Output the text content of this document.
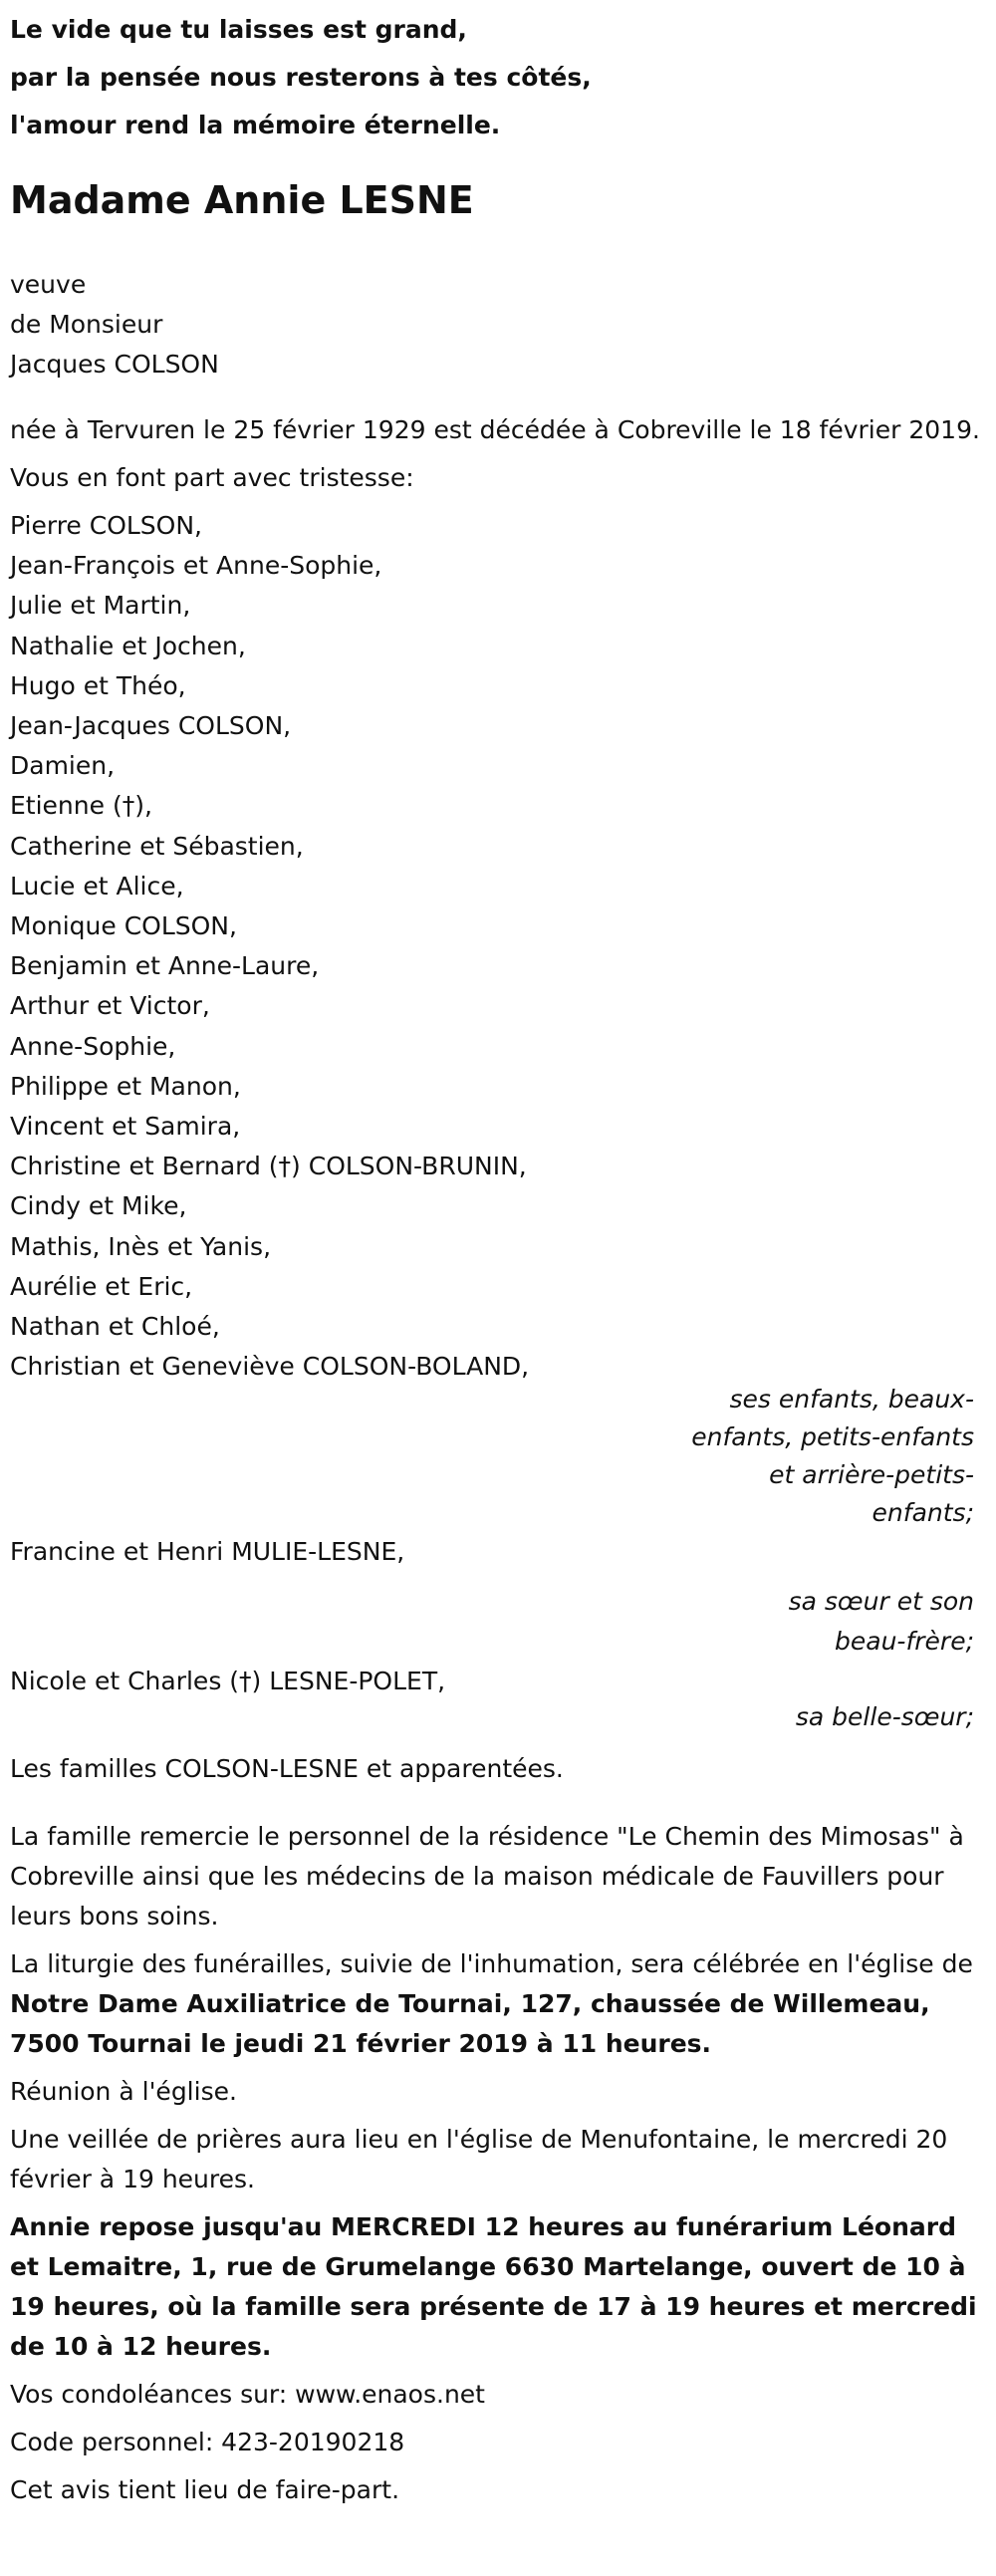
Le vide que tu laisses est grand,

par la pensée nous resterons à tes côtés,

l'amour rend la mémoire éternelle.

Madame Annie LESNE

veuve

de Monsieur

Jacques COLSON

née à Tervuren le 25 février 1929 est décédée à Cobreville le 18 février 2019.

Vous en font part avec tristesse:

Pierre COLSON,

Jean-François et Anne-Sophie,

Julie et Martin,

Nathalie et Jochen,

Hugo et Théo,

Jean-Jacques COLSON,

Damien,

Etienne (†),

Catherine et Sébastien,

Lucie et Alice,

Monique COLSON,

Benjamin et Anne-Laure,

Arthur et Victor,

Anne-Sophie,

Philippe et Manon,

Vincent et Samira,

Christine et Bernard (†) COLSON-BRUNIN,

Cindy et Mike,

Mathis, Inès et Yanis,

Aurélie et Eric,

Nathan et Chloé,

Christian et Geneviève COLSON-BOLAND,

ses enfants, beaux-enfants, petits-enfants et arrière-petits-enfants;

Francine et Henri MULIE-LESNE,

sa sœur et son beau-frère;

Nicole et Charles (†) LESNE-POLET,

sa belle-sœur;

Les familles COLSON-LESNE et apparentées.

La famille remercie le personnel de la résidence "Le Chemin des Mimosas" à Cobreville ainsi que les médecins de la maison médicale de Fauvillers pour leurs bons soins.

La liturgie des funérailles, suivie de l'inhumation, sera célébrée en l'église de Notre Dame Auxiliatrice de Tournai, 127, chaussée de Willemeau, 7500 Tournai le jeudi 21 février 2019 à 11 heures.

Réunion à l'église.

Une veillée de prières aura lieu en l'église de Menufontaine, le mercredi 20 février à 19 heures.

Annie repose jusqu'au MERCREDI 12 heures au funérarium Léonard et Lemaitre, 1, rue de Grumelange 6630 Martelange, ouvert de 10 à 19 heures, où la famille sera présente de 17 à 19 heures et mercredi de 10 à 12 heures.

Vos condoléances sur: www.enaos.net

Code personnel: 423-20190218

Cet avis tient lieu de faire-part.
